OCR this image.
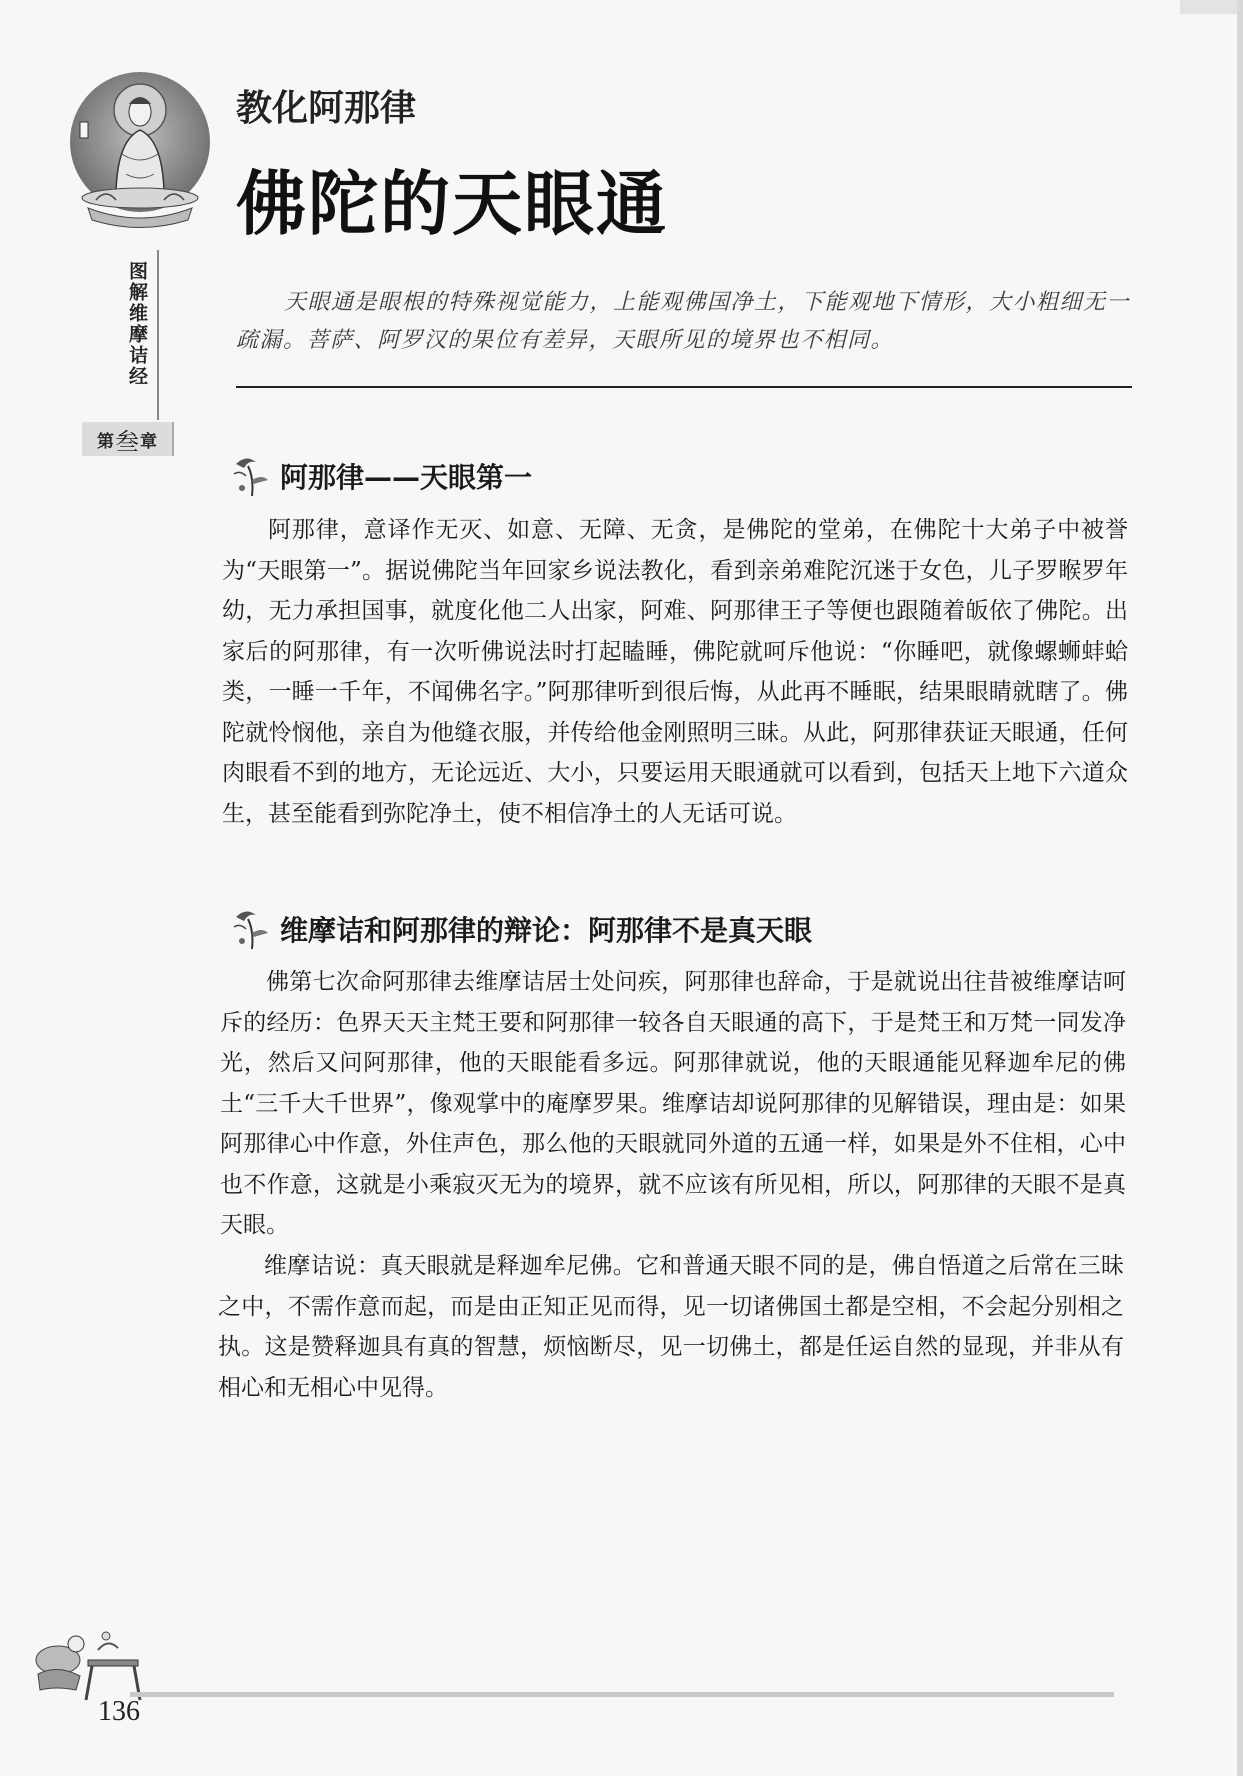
图解维摩诘经
第 叁 章
教化阿那律
佛陀的天眼通
天眼通是眼根的特殊视觉能力，上能观佛国净土，下能观地下情形，大小粗细无一疏漏。菩萨、阿罗汉的果位有差异，天眼所见的境界也不相同。
阿那律——天眼第一
阿那律，意译作无灭、如意、无障、无贪，是佛陀的堂弟，在佛陀十大弟子中被誉为“天眼第一”。据说佛陀当年回家乡说法教化，看到亲弟难陀沉迷于女色，儿子罗睺罗年幼，无力承担国事，就度化他二人出家，阿难、阿那律王子等便也跟随着皈依了佛陀。出家后的阿那律，有一次听佛说法时打起瞌睡，佛陀就呵斥他说：“你睡吧，就像螺蛳蚌蛤类，一睡一千年，不闻佛名字。”阿那律听到很后悔，从此再不睡眠，结果眼睛就瞎了。佛陀就怜悯他，亲自为他缝衣服，并传给他金刚照明三昧。从此，阿那律获证天眼通，任何肉眼看不到的地方，无论远近、大小，只要运用天眼通就可以看到，包括天上地下六道众生，甚至能看到弥陀净土，使不相信净土的人无话可说。
维摩诘和阿那律的辩论：阿那律不是真天眼
佛第七次命阿那律去维摩诘居士处问疾，阿那律也辞命，于是就说出往昔被维摩诘呵斥的经历：色界天天主梵王要和阿那律一较各自天眼通的高下，于是梵王和万梵一同发净光，然后又问阿那律，他的天眼能看多远。阿那律就说，他的天眼通能见释迦牟尼的佛土“三千大千世界”，像观掌中的庵摩罗果。维摩诘却说阿那律的见解错误，理由是：如果阿那律心中作意，外住声色，那么他的天眼就同外道的五通一样，如果是外不住相，心中也不作意，这就是小乘寂灭无为的境界，就不应该有所见相，所以，阿那律的天眼不是真天眼。
维摩诘说：真天眼就是释迦牟尼佛。它和普通天眼不同的是，佛自悟道之后常在三昧之中，不需作意而起，而是由正知正见而得，见一切诸佛国土都是空相，不会起分别相之执。这是赞释迦具有真的智慧，烦恼断尽，见一切佛土，都是任运自然的显现，并非从有相心和无相心中见得。
136
